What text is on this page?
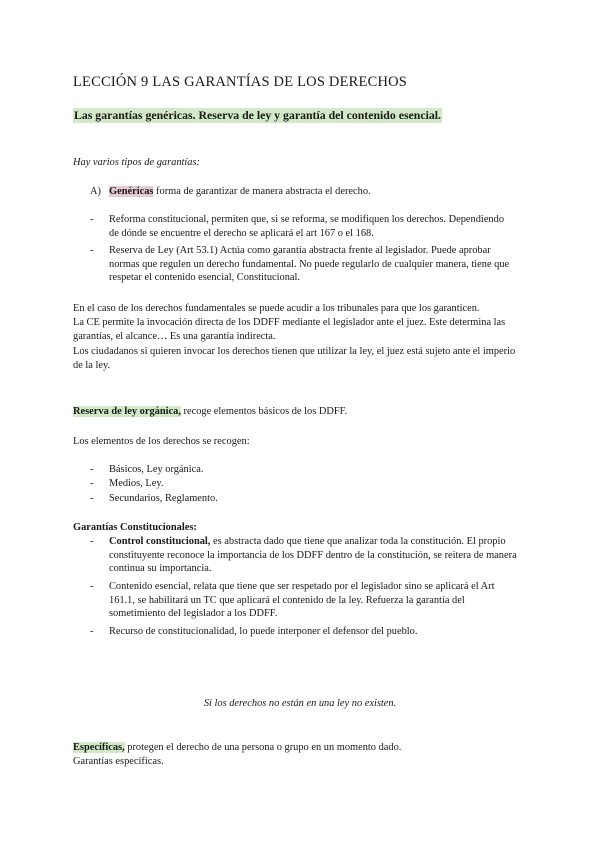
LECCIÓN 9 LAS GARANTÍAS DE LOS DERECHOS
Las garantías genéricas. Reserva de ley y garantía del contenido esencial.
Hay varios tipos de garantías:
A) Genéricas forma de garantizar de manera abstracta el derecho.
-	Reforma constitucional, permiten que, si se reforma, se modifiquen los derechos. Dependiendo de dónde se encuentre el derecho se aplicará el art 167 o el 168.
-	Reserva de Ley (Art 53.1) Actúa como garantía abstracta frente al legislador. Puede aprobar normas que regulen un derecho fundamental. No puede regularlo de cualquier manera, tiene que respetar el contenido esencial, Constitucional.
En el caso de los derechos fundamentales se puede acudir a los tribunales para que los garanticen.
La CE permite la invocación directa de los DDFF mediante el legislador ante el juez. Este determina las garantías, el alcance… Es una garantía indirecta.
Los ciudadanos si quieren invocar los derechos tienen que utilizar la ley, el juez está sujeto ante el imperio de la ley.
Reserva de ley orgánica, recoge elementos básicos de los DDFF.
Los elementos de los derechos se recogen:
-	Básicos, Ley orgánica.
-	Medios, Ley.
-	Secundarios, Reglamento.
Garantías Constitucionales:
-	Control constitucional, es abstracta dado que tiene que analizar toda la constitución. El propio constituyente reconoce la importancia de los DDFF dentro de la constitución, se reitera de manera continua su importancia.
-	Contenido esencial, relata que tiene que ser respetado por el legislador sino se aplicará el Art 161.1, se habilitará un TC que aplicará el contenido de la ley. Refuerza la garantía del sometimiento del legislador a los DDFF.
-	Recurso de constitucionalidad, lo puede interponer el defensor del pueblo.
Si los derechos no están en una ley no existen.
Específicas, protegen el derecho de una persona o grupo en un momento dado.
Garantías específicas.
